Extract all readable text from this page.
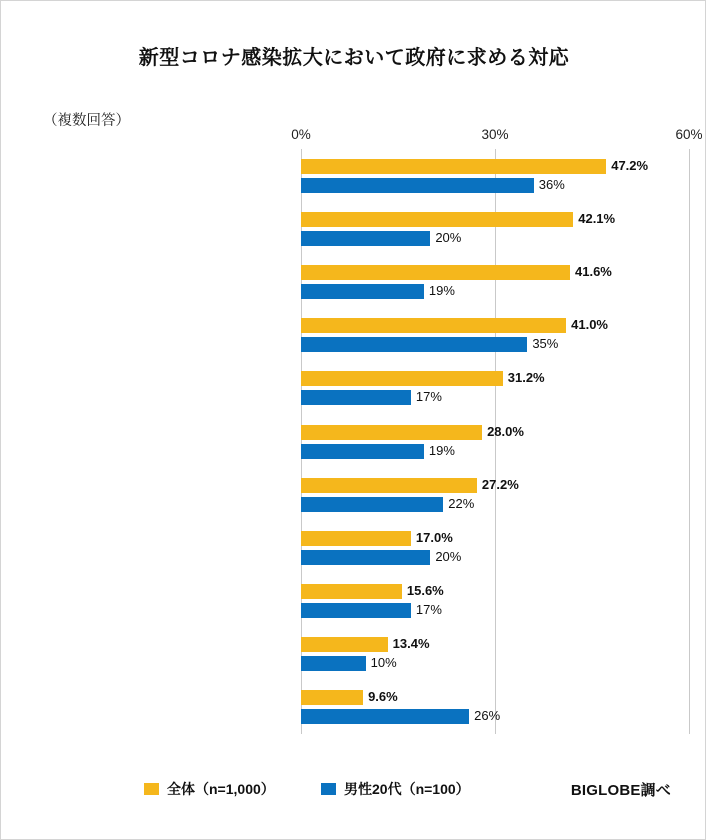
新型コロナ感染拡大において政府に求める対応
（複数回答）
0%	30%	60%
47.2%
36%
42.1%
20%
41.6%
19%
41.0%
35%
31.2%
17%
28.0%
19%
27.2%
22%
17.0%
20%
15.6%
17%
13.4%
10%
9.6%
26%
全体（n=1,000）	男性20代（n=100）	BIGLOBE調べ
